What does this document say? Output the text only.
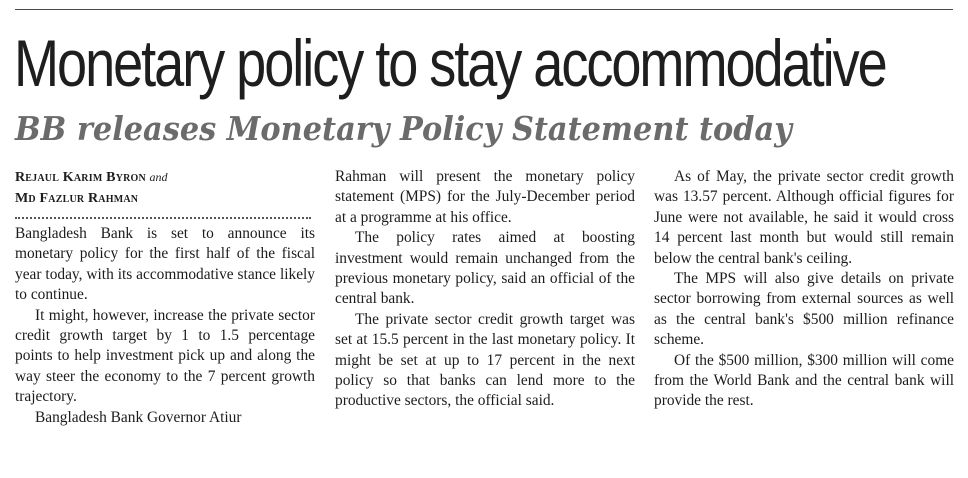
Monetary policy to stay accommodative
BB releases Monetary Policy Statement today
Rejaul Karim Byron and
Md Fazlur Rahman

Bangladesh Bank is set to announce its monetary policy for the first half of the fiscal year today, with its accommodative stance likely to continue.

It might, however, increase the private sector credit growth target by 1 to 1.5 percentage points to help investment pick up and along the way steer the economy to the 7 percent growth trajectory.

Bangladesh Bank Governor Atiur

Rahman will present the monetary policy statement (MPS) for the July-December period at a programme at his office.

The policy rates aimed at boosting investment would remain unchanged from the previous monetary policy, said an official of the central bank.

The private sector credit growth target was set at 15.5 percent in the last monetary policy. It might be set at up to 17 percent in the next policy so that banks can lend more to the productive sectors, the official said.

As of May, the private sector credit growth was 13.57 percent. Although official figures for June were not available, he said it would cross 14 percent last month but would still remain below the central bank's ceiling.

The MPS will also give details on private sector borrowing from external sources as well as the central bank's $500 million refinance scheme.

Of the $500 million, $300 million will come from the World Bank and the central bank will provide the rest.
